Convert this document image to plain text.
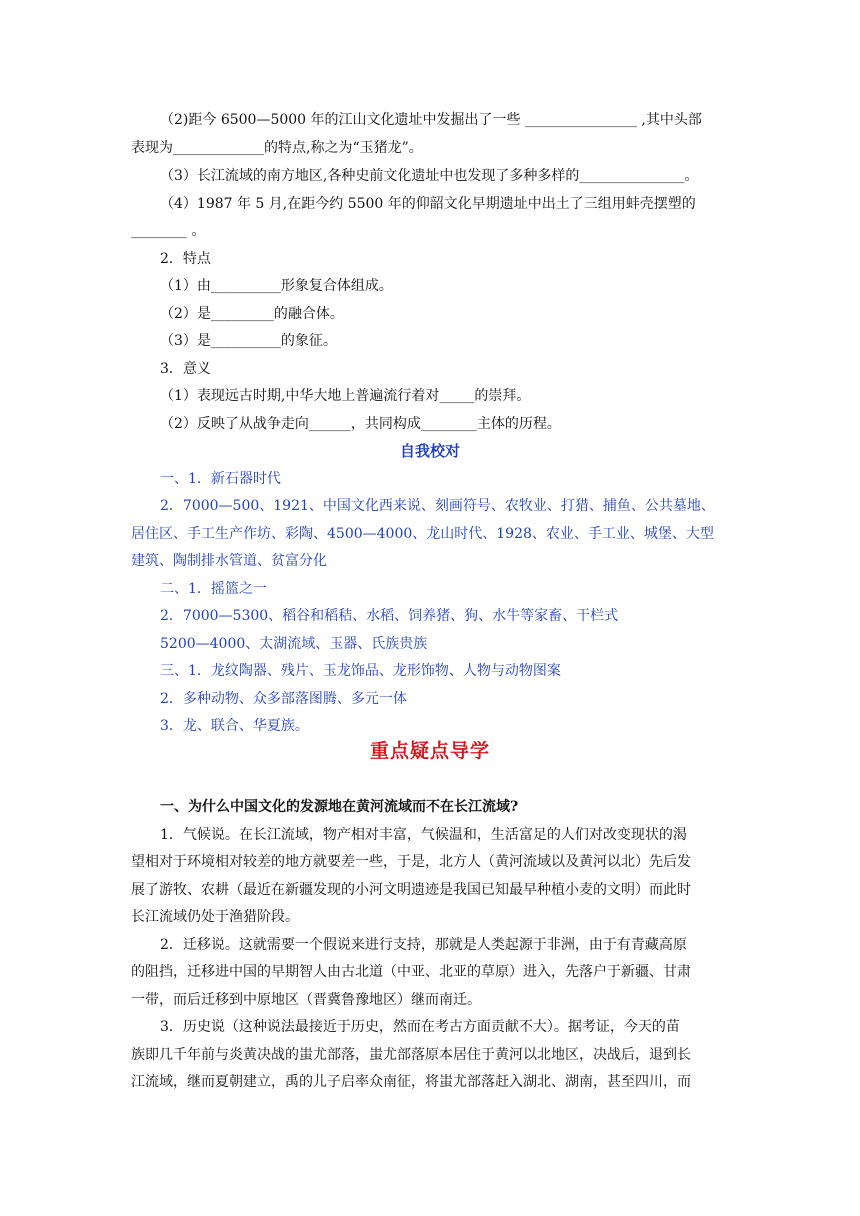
（2)距今 6500—5000 年的江山文化遗址中发掘出了一些 ________________ ,其中头部

表现为_____________的特点,称之为“玉猪龙”。

（3）长江流域的南方地区,各种史前文化遗址中也发现了多种多样的_______________。

（4）1987 年 5 月,在距今约 5500 年的仰韶文化早期遗址中出土了三组用蚌壳摆塑的

________ 。

2．特点

（1）由__________形象复合体组成。

（2）是_________的融合体。

（3）是__________的象征。

3．意义

（1）表现远古时期,中华大地上普遍流行着对_____的崇拜。

（2）反映了从战争走向______，共同构成________主体的历程。

自我校对

一、1．新石器时代

2．7000—500、1921、中国文化西来说、刻画符号、农牧业、打猎、捕鱼、公共墓地、

居住区、手工生产作坊、彩陶、4500—4000、龙山时代、1928、农业、手工业、城堡、大型

建筑、陶制排水管道、贫富分化

二、1．摇篮之一

2．7000—5300、稻谷和稻秸、水稻、饲养猪、狗、水牛等家畜、干栏式

5200—4000、太湖流域、玉器、氏族贵族

三、1．龙纹陶器、残片、玉龙饰品、龙形饰物、人物与动物图案

2．多种动物、众多部落图腾、多元一体

3．龙、联合、华夏族。

重点疑点导学

一、为什么中国文化的发源地在黄河流域而不在长江流域?

1．气候说。在长江流域，物产相对丰富，气候温和，生活富足的人们对改变现状的渴

望相对于环境相对较差的地方就要差一些，于是，北方人（黄河流域以及黄河以北）先后发

展了游牧、农耕（最近在新疆发现的小河文明遗迹是我国已知最早种植小麦的文明）而此时

长江流域仍处于渔猎阶段。

2．迁移说。这就需要一个假说来进行支持，那就是人类起源于非洲，由于有青藏高原

的阻挡，迁移进中国的早期智人由古北道（中亚、北亚的草原）进入，先落户于新疆、甘肃

一带，而后迁移到中原地区（晋冀鲁豫地区）继而南迁。

3．历史说（这种说法最接近于历史，然而在考古方面贡献不大）。据考证，今天的苗

族即几千年前与炎黄决战的蚩尤部落，蚩尤部落原本居住于黄河以北地区，决战后，退到长

江流域，继而夏朝建立，禹的儿子启率众南征，将蚩尤部落赶入湖北、湖南，甚至四川，而
